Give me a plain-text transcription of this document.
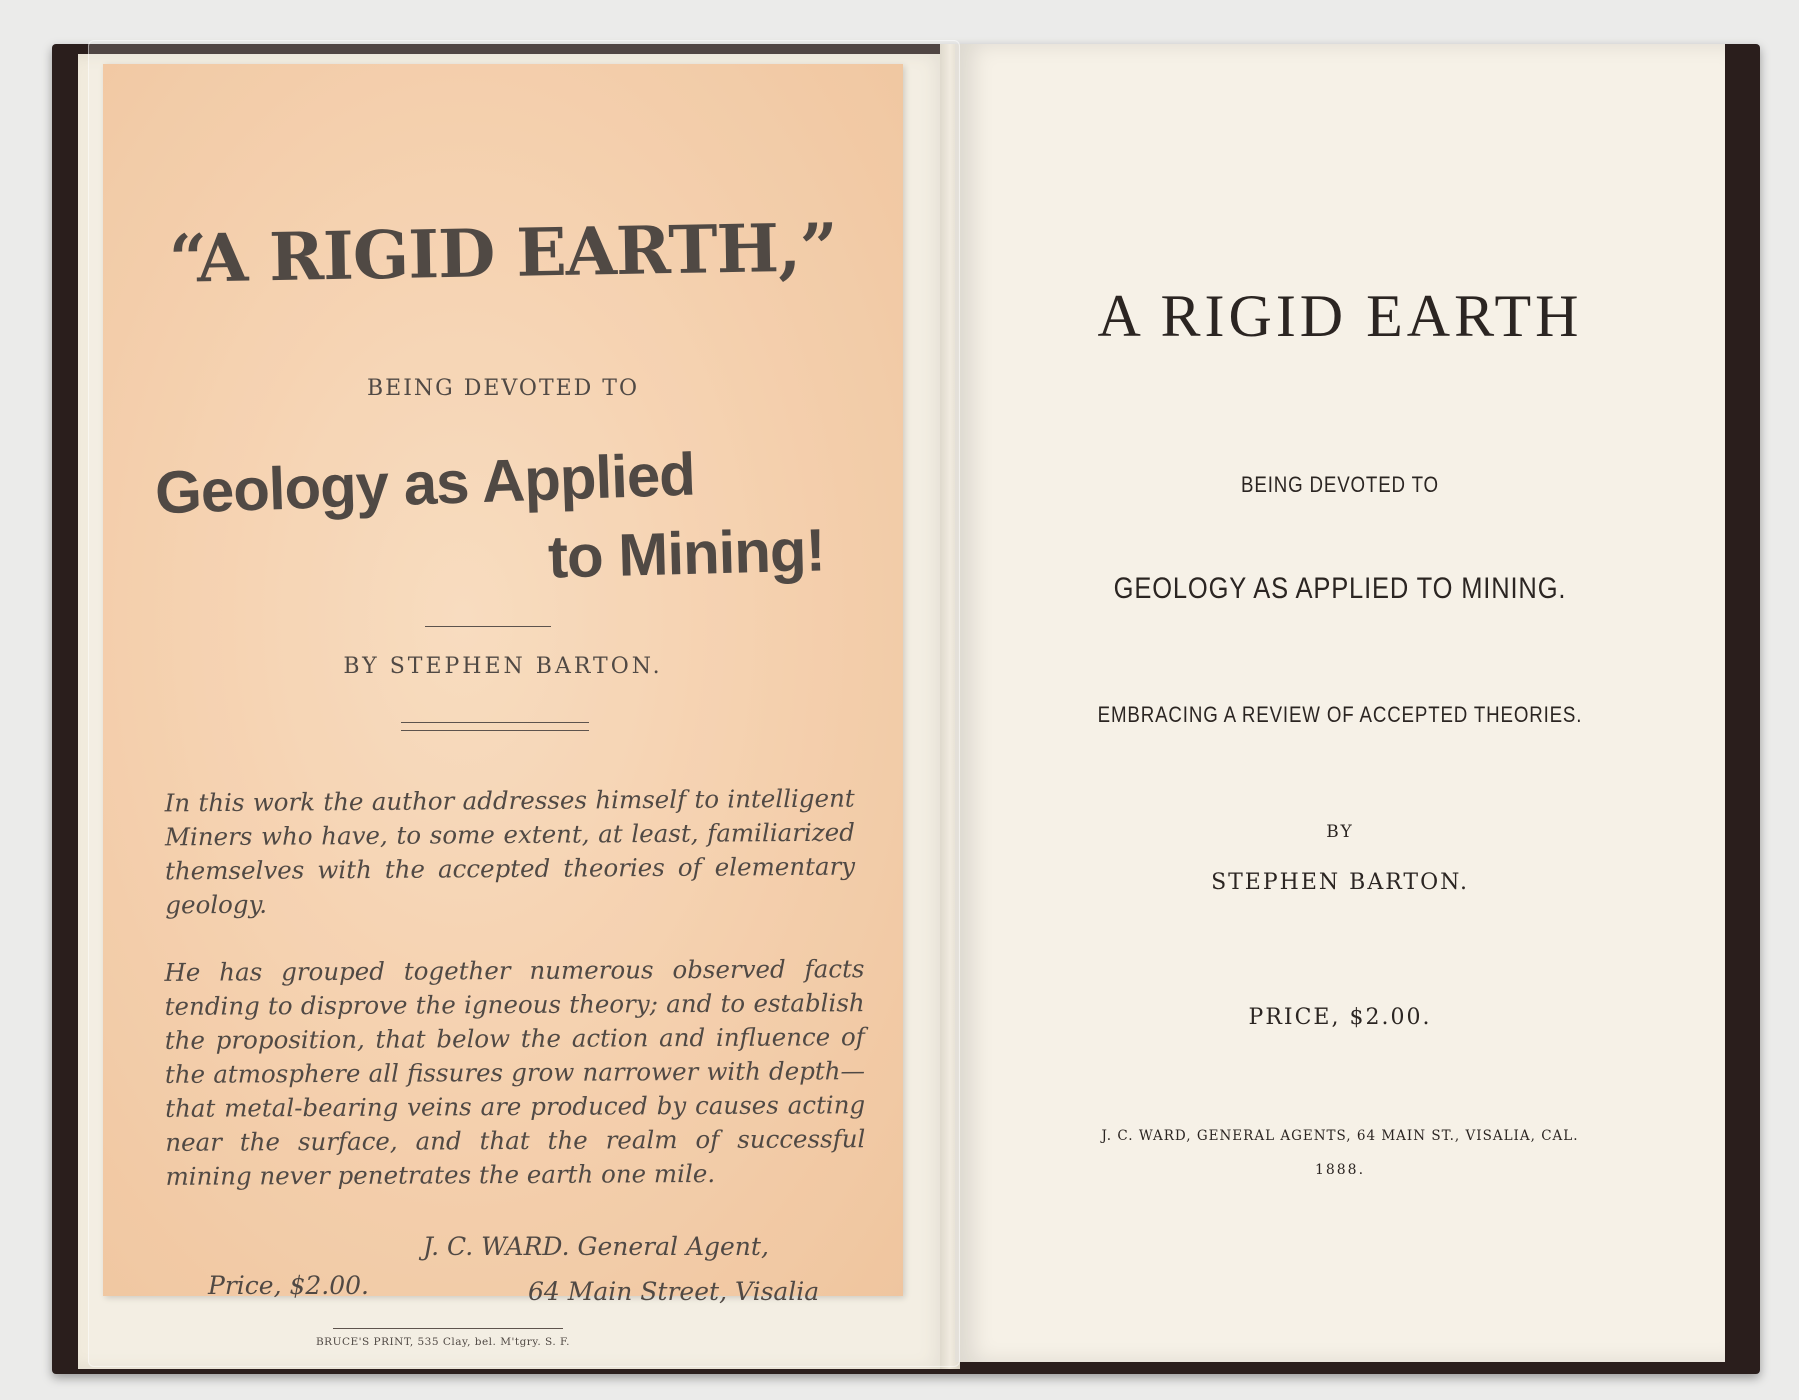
“A RIGID EARTH,”
BEING DEVOTED TO
Geology as Applied
to Mining!
BY STEPHEN BARTON.
In this work the author addresses himself to intelligent Miners who have, to some extent, at least, familiarized themselves with the accepted theories of elementary geology.
He has grouped together numerous observed facts tending to disprove the igneous theory; and to establish the proposition, that below the action and influence of the atmosphere all fissures grow narrower with depth—that metal-bearing veins are produced by causes acting near the surface, and that the realm of successful mining never penetrates the earth one mile.
J. C. WARD. General Agent,
Price, $2.00.	64 Main Street, Visalia
BRUCE'S PRINT, 535 Clay, bel. M'tgry. S. F.
A RIGID EARTH
BEING DEVOTED TO
GEOLOGY AS APPLIED TO MINING.
EMBRACING A REVIEW OF ACCEPTED THEORIES.
BY
STEPHEN BARTON.
PRICE, $2.00.
J. C. WARD, GENERAL AGENTS, 64 MAIN ST., VISALIA, CAL.
1888.
